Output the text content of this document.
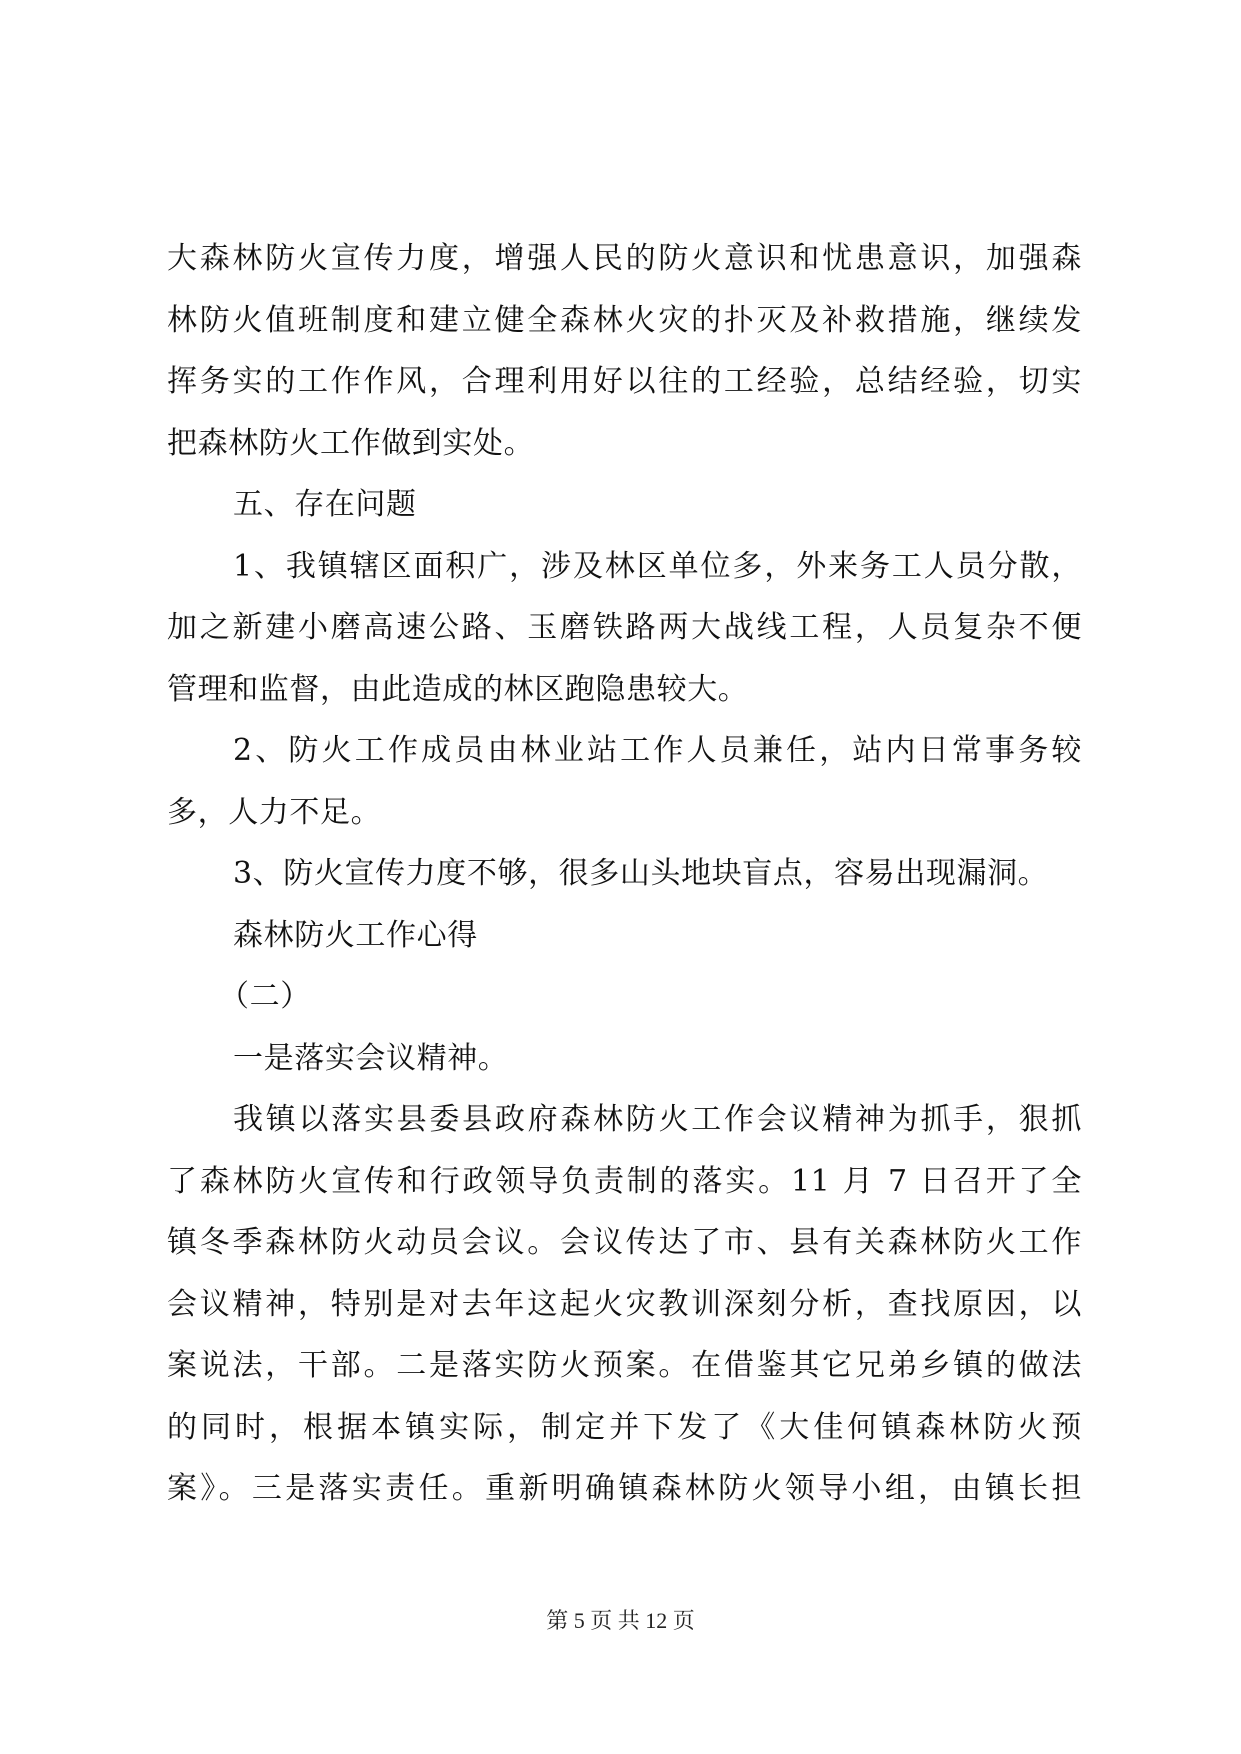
大森林防火宣传力度，增强人民的防火意识和忧患意识，加强森
林防火值班制度和建立健全森林火灾的扑灭及补救措施，继续发
挥务实的工作作风，合理利用好以往的工经验，总结经验，切实
把森林防火工作做到实处。
五、存在问题
1、我镇辖区面积广，涉及林区单位多，外来务工人员分散，
加之新建小磨高速公路、玉磨铁路两大战线工程，人员复杂不便
管理和监督，由此造成的林区跑隐患较大。
2、防火工作成员由林业站工作人员兼任，站内日常事务较
多，人力不足。
3、防火宣传力度不够，很多山头地块盲点，容易出现漏洞。
森林防火工作心得
（二）
一是落实会议精神。
我镇以落实县委县政府森林防火工作会议精神为抓手，狠抓
了森林防火宣传和行政领导负责制的落实。11 月 7 日召开了全
镇冬季森林防火动员会议。会议传达了市、县有关森林防火工作
会议精神，特别是对去年这起火灾教训深刻分析，查找原因，以
案说法，干部。二是落实防火预案。在借鉴其它兄弟乡镇的做法
的同时，根据本镇实际，制定并下发了《大佳何镇森林防火预
案》。三是落实责任。重新明确镇森林防火领导小组，由镇长担
第 5 页 共 12 页
